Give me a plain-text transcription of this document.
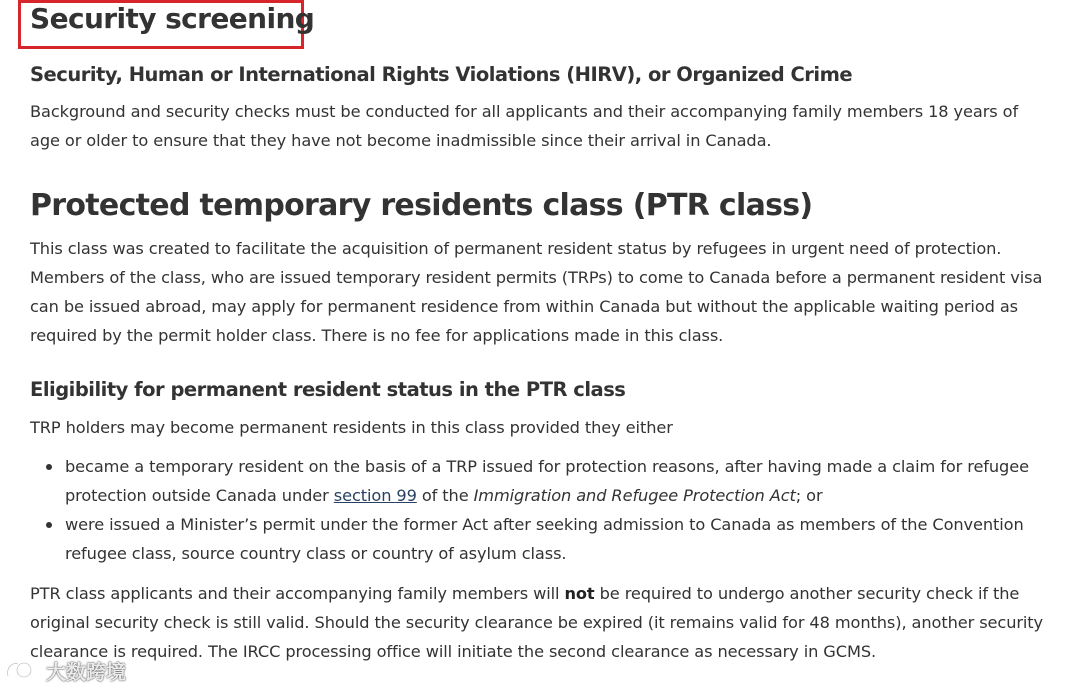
Security screening
Security, Human or International Rights Violations (HIRV), or Organized Crime

Background and security checks must be conducted for all applicants and their accompanying family members 18 years of age or older to ensure that they have not become inadmissible since their arrival in Canada.

Protected temporary residents class (PTR class)

This class was created to facilitate the acquisition of permanent resident status by refugees in urgent need of protection. Members of the class, who are issued temporary resident permits (TRPs) to come to Canada before a permanent resident visa can be issued abroad, may apply for permanent residence from within Canada but without the applicable waiting period as required by the permit holder class. There is no fee for applications made in this class.

Eligibility for permanent resident status in the PTR class

TRP holders may become permanent residents in this class provided they either

became a temporary resident on the basis of a TRP issued for protection reasons, after having made a claim for refugee protection outside Canada under section 99 of the Immigration and Refugee Protection Act; or
were issued a Minister’s permit under the former Act after seeking admission to Canada as members of the Convention refugee class, source country class or country of asylum class.

PTR class applicants and their accompanying family members will not be required to undergo another security check if the original security check is still valid. Should the security clearance be expired (it remains valid for 48 months), another security clearance is required. The IRCC processing office will initiate the second clearance as necessary in GCMS.

大数跨境
